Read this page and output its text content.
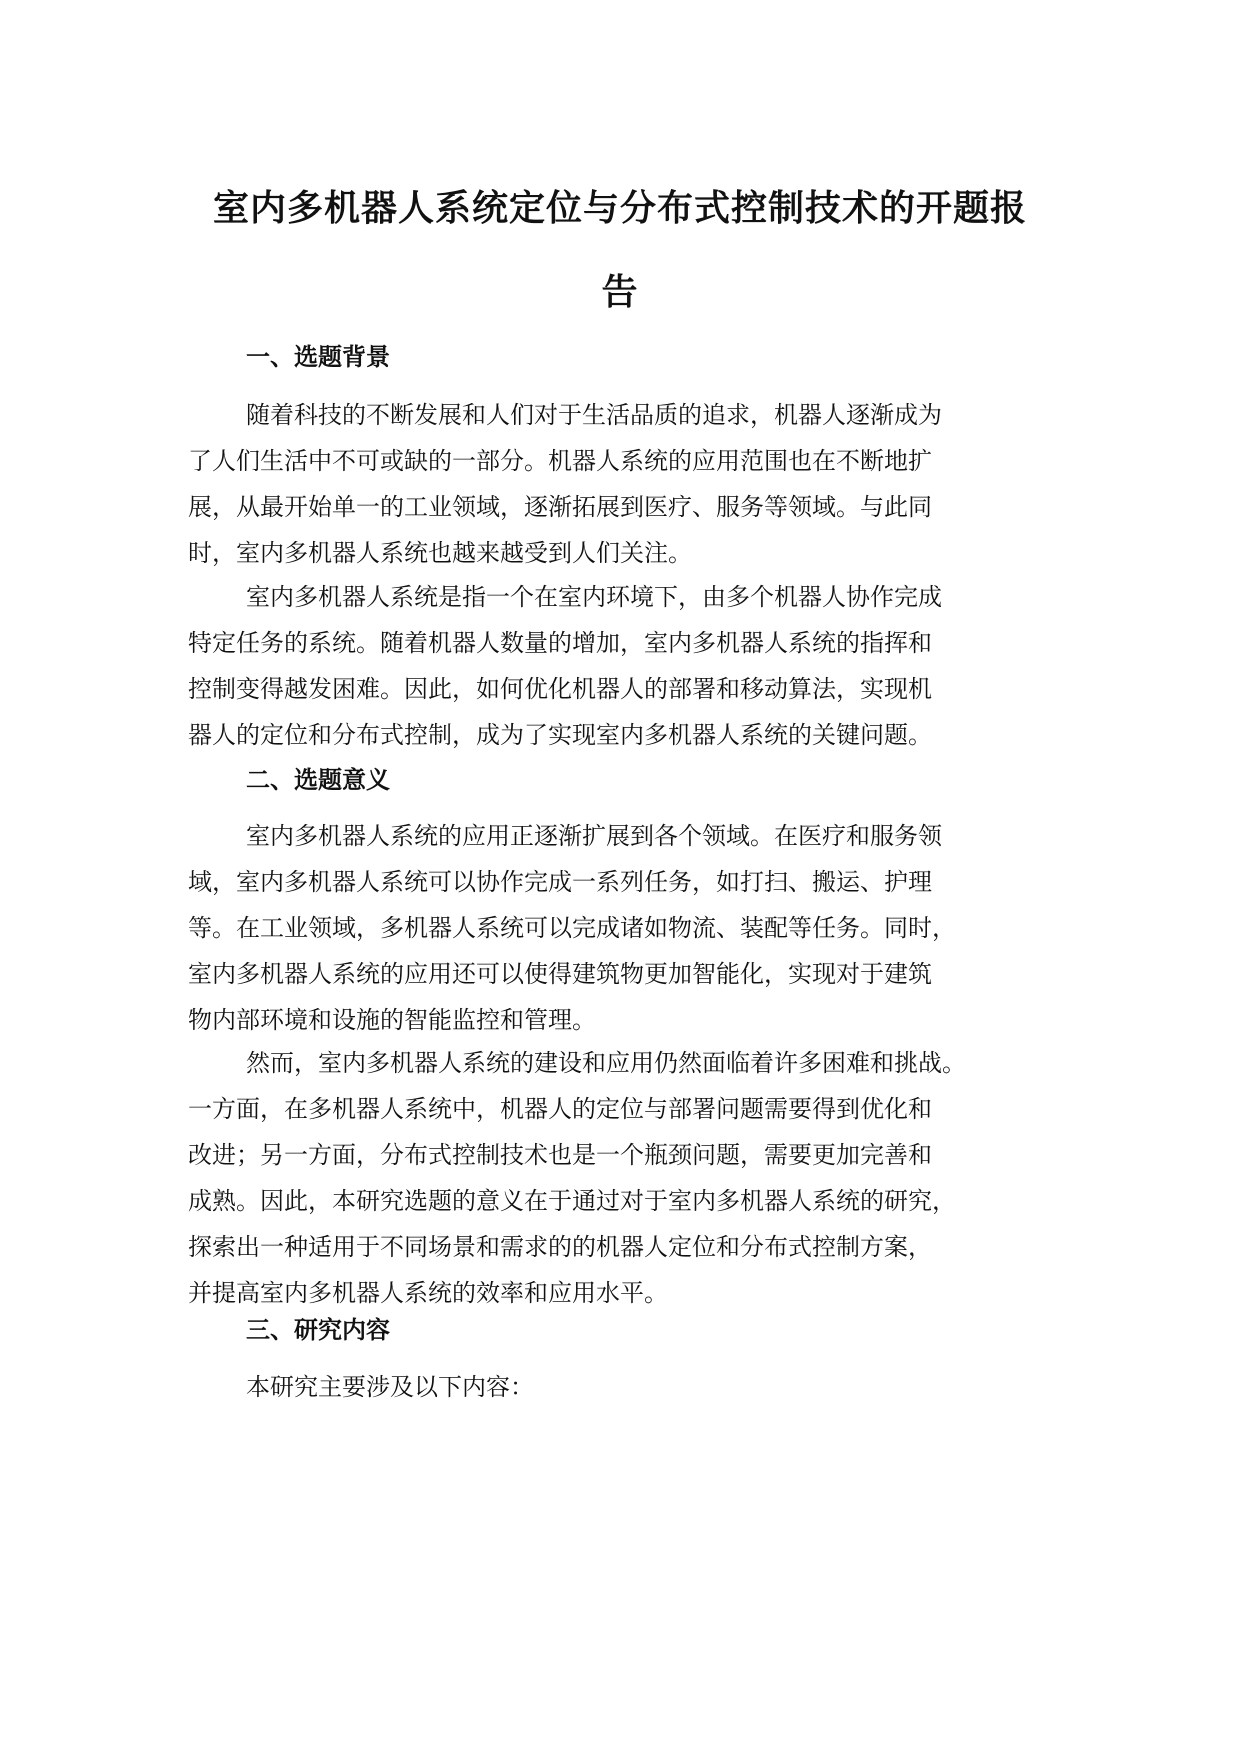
室内多机器人系统定位与分布式控制技术的开题报
告
一、选题背景

随着科技的不断发展和人们对于生活品质的追求，机器人逐渐成为
了人们生活中不可或缺的一部分。机器人系统的应用范围也在不断地扩
展，从最开始单一的工业领域，逐渐拓展到医疗、服务等领域。与此同
时，室内多机器人系统也越来越受到人们关注。

室内多机器人系统是指一个在室内环境下，由多个机器人协作完成
特定任务的系统。随着机器人数量的增加，室内多机器人系统的指挥和
控制变得越发困难。因此，如何优化机器人的部署和移动算法，实现机
器人的定位和分布式控制，成为了实现室内多机器人系统的关键问题。

二、选题意义

室内多机器人系统的应用正逐渐扩展到各个领域。在医疗和服务领
域，室内多机器人系统可以协作完成一系列任务，如打扫、搬运、护理
等。在工业领域，多机器人系统可以完成诸如物流、装配等任务。同时，
室内多机器人系统的应用还可以使得建筑物更加智能化，实现对于建筑
物内部环境和设施的智能监控和管理。

然而，室内多机器人系统的建设和应用仍然面临着许多困难和挑战。
一方面，在多机器人系统中，机器人的定位与部署问题需要得到优化和
改进；另一方面，分布式控制技术也是一个瓶颈问题，需要更加完善和
成熟。因此，本研究选题的意义在于通过对于室内多机器人系统的研究，
探索出一种适用于不同场景和需求的的机器人定位和分布式控制方案，
并提高室内多机器人系统的效率和应用水平。

三、研究内容

本研究主要涉及以下内容：
